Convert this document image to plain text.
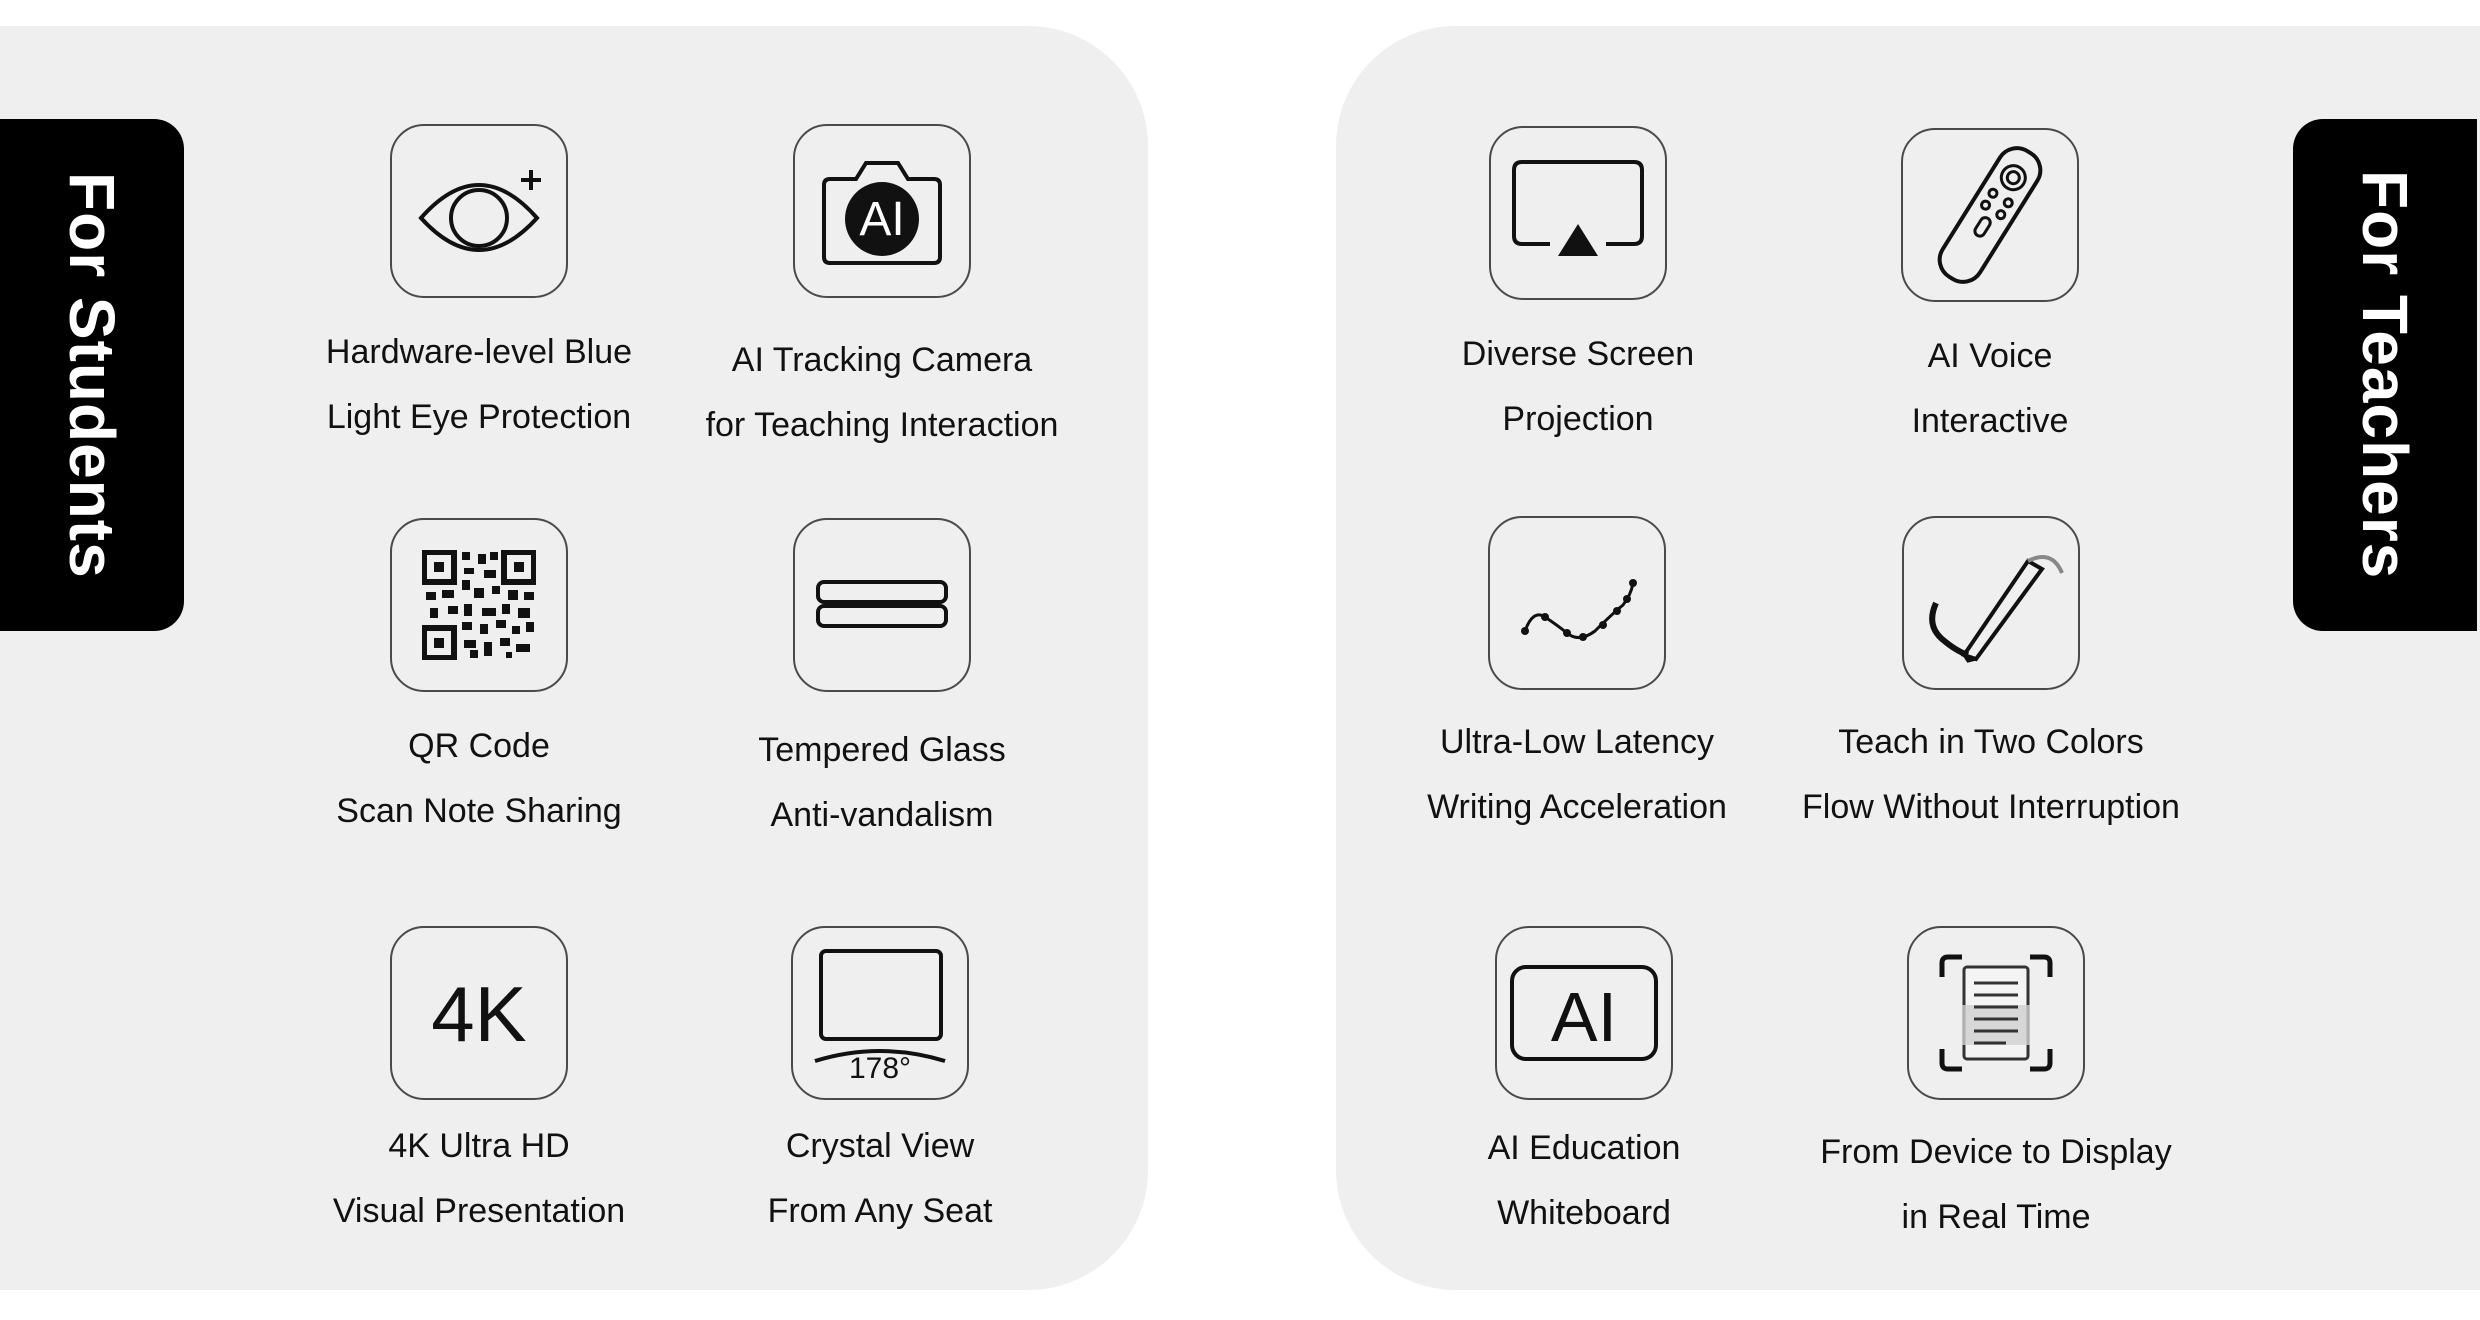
For Students	For Teachers
Hardware-level Blue
Light Eye Protection
AI
AI Tracking Camera
for Teaching Interaction
QR Code
Scan Note Sharing
Tempered Glass
Anti-vandalism
4K
4K Ultra HD
Visual Presentation
178°
Crystal View
From Any Seat
Diverse Screen
Projection
AI Voice
Interactive
Ultra-Low Latency
Writing Acceleration
Teach in Two Colors
Flow Without Interruption
AI
AI Education
Whiteboard
From Device to Display
in Real Time
